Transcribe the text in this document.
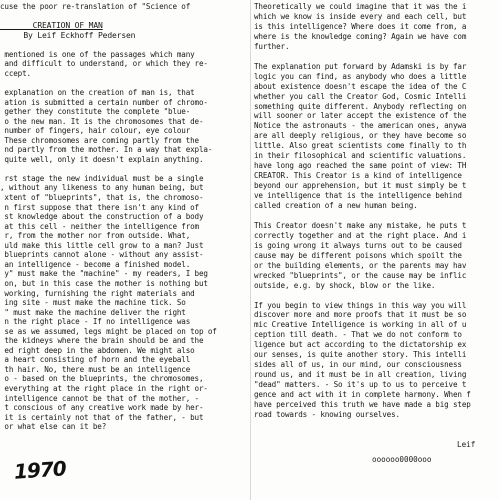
cuse the poor re-translation of "Science of
CREATION OF MAN
By Leif Eckhoff Pedersen
mentioned is one of the passages which many
and difficult to understand, or which they re-
ccept.
explanation on the creation of man is, that
ation is submitted a certain number of chromo-
gether they constitute the complete "blue-
o the new man. It is the chromosomes that de-
number of fingers, hair colour, eye colour
These chromosomes are coming partly from the
nd partly from the mother. In a way that expla-
quite well, only it doesn't explain anything.
rst stage the new individual must be a single
, without any likeness to any human being, but
xtent of "blueprints", that is, the chromoso-
n first suppose that there isn't any kind of
st knowledge about the construction of a body
at this cell - neither the intelligence from
r, from the mother nor from outside. What,
uld make this little cell grow to a man? Just
blueprints cannot alone - without any assist-
an intelligence - become a finished model.
y" must make the "machine" - my readers, I beg
on, but in this case the mother is nothing but
working, furnishing the right materials and
ing site - must make the machine tick. So
" must make the machine deliver the right
n the right place - If no intelligence was
se as we assumed, legs might be placed on top of
the kidneys where the brain should be and the
ed right deep in the abdomen. We might also
a heart consisting of horn and the eyeball
th hair. No, there must be an intelligence
o - based on the blueprints, the chromosomes,
everything at the right place in the right or-
intelligence cannot be that of the mother, -
t conscious of any creative work made by her-
it is certainly not that of the father, - but
or what else can it be?
Leif
oooooo0000ooo
Theoretically we could imagine that it was the i
which we know is inside every and each cell, but
is this intelligence? Where does it come from, a
where is the knowledge coming? Again we have com
further.
The explanation put forward by Adamski is by far
logic you can find, as anybody who does a little
about existence doesn't escape the idea of the C
whether you call the Creator God, Cosmic Intelli
something quite different. Anybody reflecting on
will sooner or later accept the existence of the
Notice the astronauts - the american ones, anywa
are all deeply religious, or they have become so
little. Also great scientists come finally to th
in their filosophical and scientific valuations.
have long ago reached the same point of view: TH
CREATOR. This Creator is a kind of intelligence
beyond our apprehension, but it must simply be t
ve intelligence that is the intelligence behind
called creation of a new human being.
This Creator doesn't make any mistake, he puts t
correctly together and at the right place. And i
is going wrong it always turns out to be caused
cause may be different poisons which spoilt the
or the building elements, or the parents may hav
wrecked "blueprints", or the cause may be inflic
outside, e.g. by shock, blow or the like.
If you begin to view things in this way you will
discover more and more proofs that it must be so
mic Creative Intelligence is working in all of u
ception till death. - That we do not conform to
ligence but act according to the dictatorship ex
our senses, is quite another story. This intelli
sides all of us, in our mind, our consciousness
round us, and it must be in all creation, living
"dead" matters. - So it's up to us to perceive t
gence and act with it in complete harmony. When f
have perceived this truth we have made a big step
road towards - knowing ourselves.
1970
